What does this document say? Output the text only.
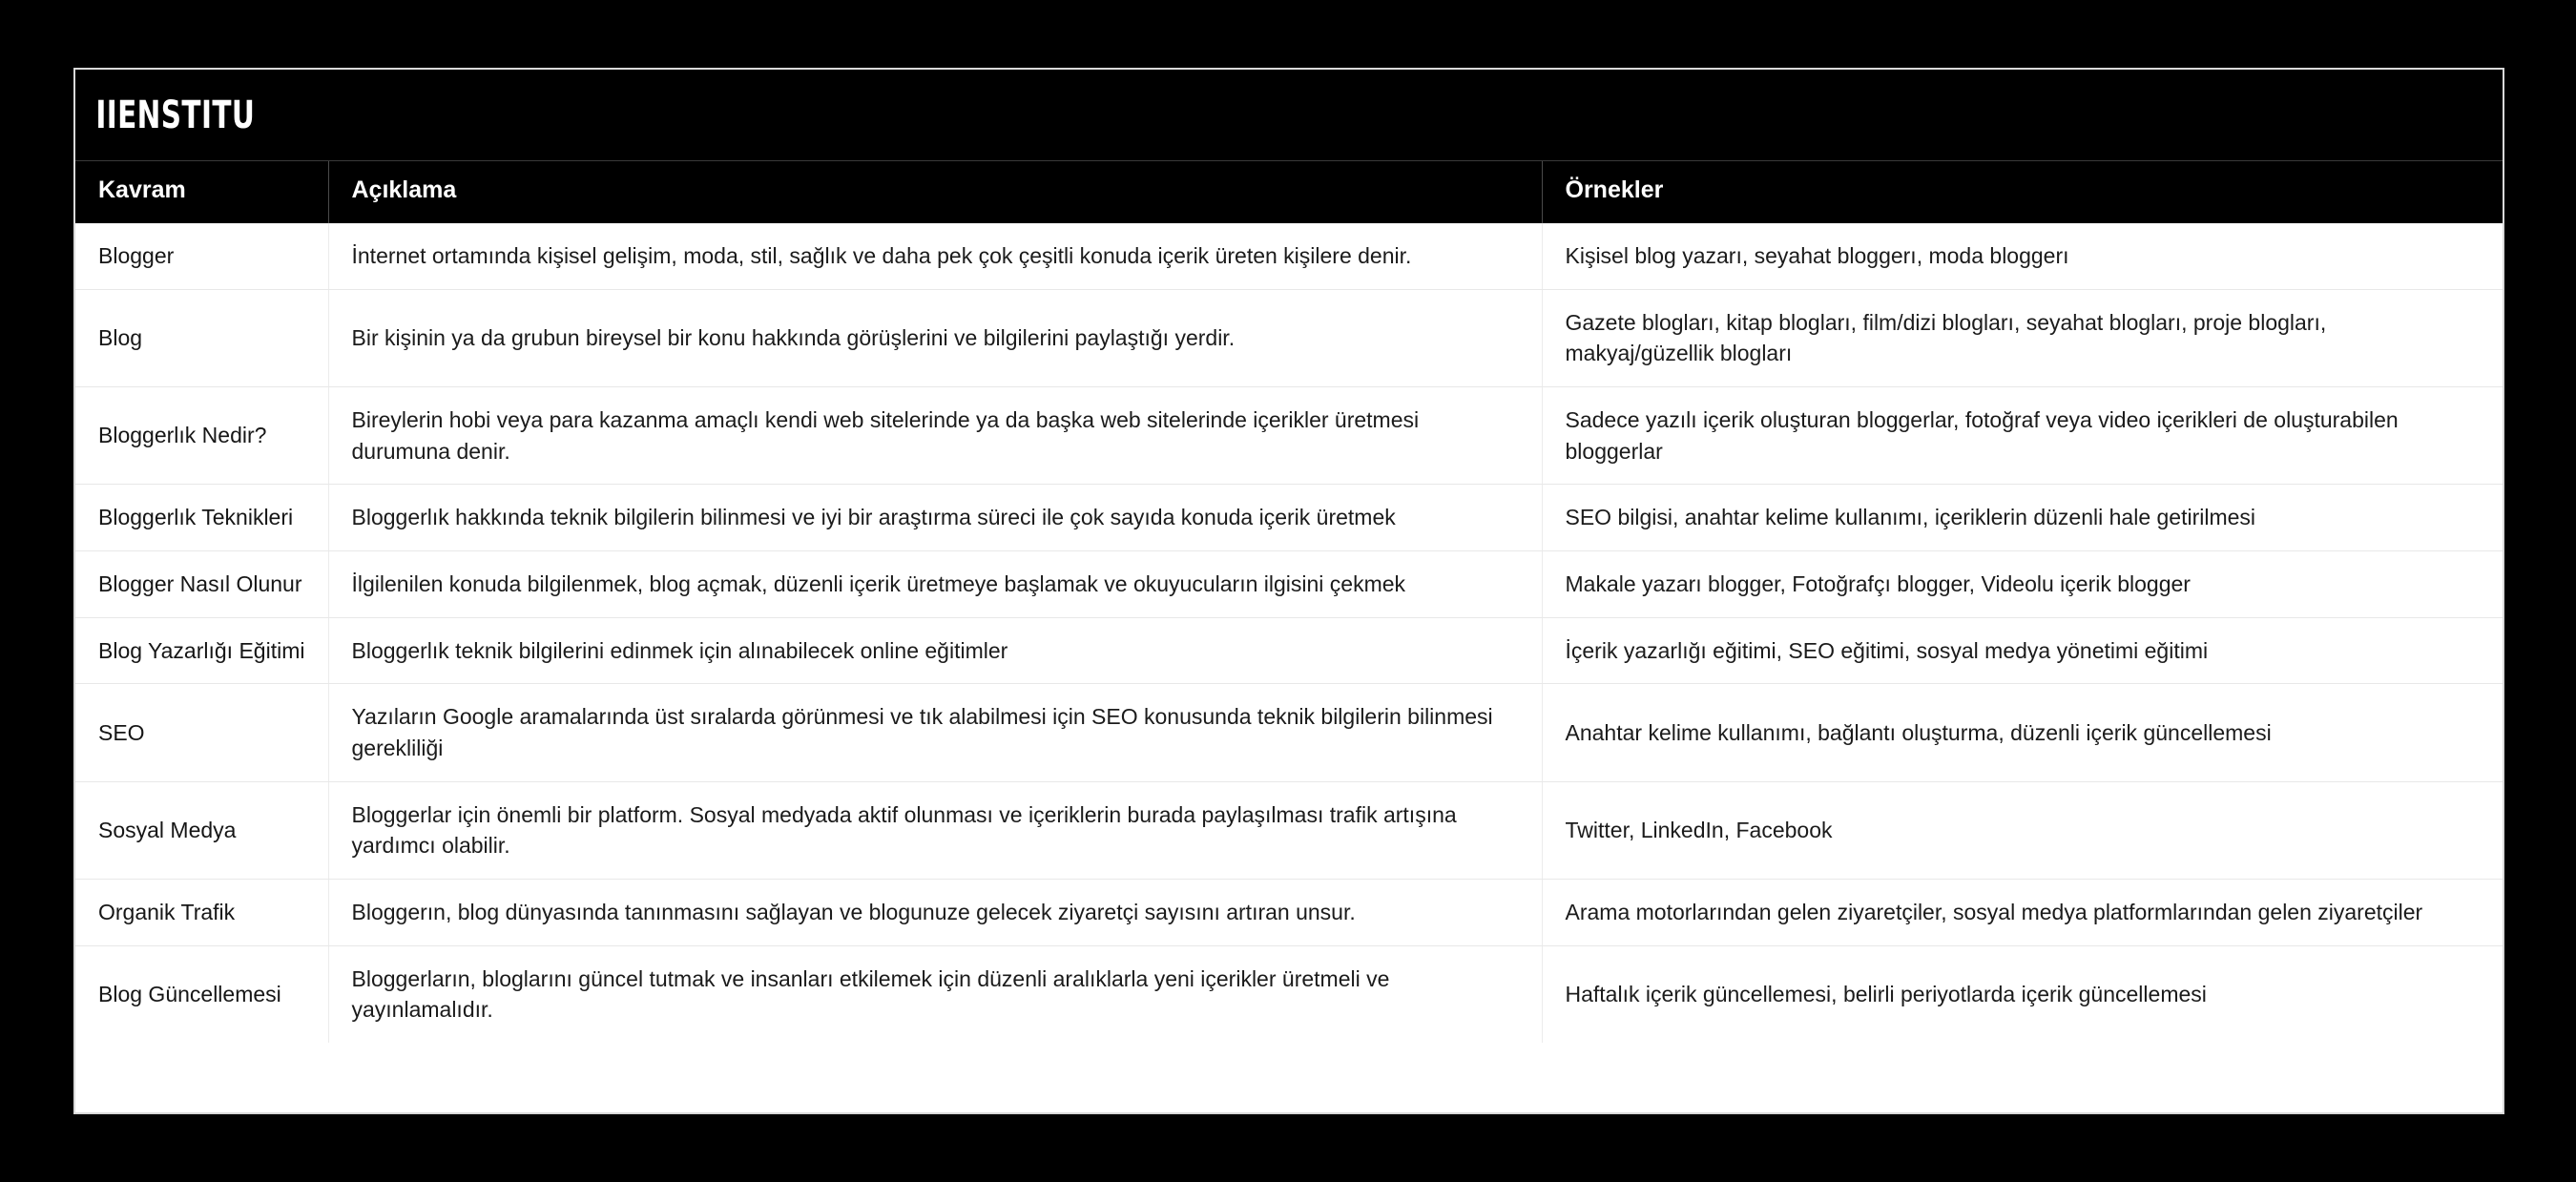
IIENSTITU
Kavram	Açıklama	Örnekler
Blogger	İnternet ortamında kişisel gelişim, moda, stil, sağlık ve daha pek çok çeşitli konuda içerik üreten kişilere denir.	Kişisel blog yazarı, seyahat bloggerı, moda bloggerı
Blog	Bir kişinin ya da grubun bireysel bir konu hakkında görüşlerini ve bilgilerini paylaştığı yerdir.	Gazete blogları, kitap blogları, film/dizi blogları, seyahat blogları, proje blogları, makyaj/güzellik blogları
Bloggerlık Nedir?	Bireylerin hobi veya para kazanma amaçlı kendi web sitelerinde ya da başka web sitelerinde içerikler üretmesi durumuna denir.	Sadece yazılı içerik oluşturan bloggerlar, fotoğraf veya video içerikleri de oluşturabilen bloggerlar
Bloggerlık Teknikleri	Bloggerlık hakkında teknik bilgilerin bilinmesi ve iyi bir araştırma süreci ile çok sayıda konuda içerik üretmek	SEO bilgisi, anahtar kelime kullanımı, içeriklerin düzenli hale getirilmesi
Blogger Nasıl Olunur	İlgilenilen konuda bilgilenmek, blog açmak, düzenli içerik üretmeye başlamak ve okuyucuların ilgisini çekmek	Makale yazarı blogger, Fotoğrafçı blogger, Videolu içerik blogger
Blog Yazarlığı Eğitimi	Bloggerlık teknik bilgilerini edinmek için alınabilecek online eğitimler	İçerik yazarlığı eğitimi, SEO eğitimi, sosyal medya yönetimi eğitimi
SEO	Yazıların Google aramalarında üst sıralarda görünmesi ve tık alabilmesi için SEO konusunda teknik bilgilerin bilinmesi gerekliliği	Anahtar kelime kullanımı, bağlantı oluşturma, düzenli içerik güncellemesi
Sosyal Medya	Bloggerlar için önemli bir platform. Sosyal medyada aktif olunması ve içeriklerin burada paylaşılması trafik artışına yardımcı olabilir.	Twitter, LinkedIn, Facebook
Organik Trafik	Bloggerın, blog dünyasında tanınmasını sağlayan ve blogunuze gelecek ziyaretçi sayısını artıran unsur.	Arama motorlarından gelen ziyaretçiler, sosyal medya platformlarından gelen ziyaretçiler
Blog Güncellemesi	Bloggerların, bloglarını güncel tutmak ve insanları etkilemek için düzenli aralıklarla yeni içerikler üretmeli ve yayınlamalıdır.	Haftalık içerik güncellemesi, belirli periyotlarda içerik güncellemesi
